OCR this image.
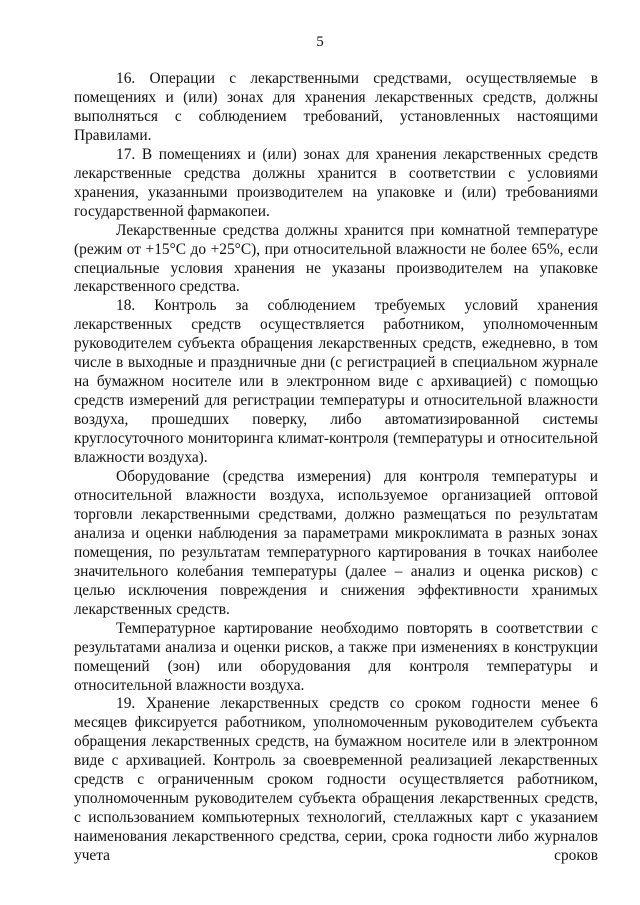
5

16. Операции с лекарственными средствами, осуществляемые в помещениях и (или) зонах для хранения лекарственных средств, должны выполняться с соблюдением требований, установленных настоящими Правилами.

17. В помещениях и (или) зонах для хранения лекарственных средств лекарственные средства должны хранится в соответствии с условиями хранения, указанными производителем на упаковке и (или) требованиями государственной фармакопеи.

Лекарственные средства должны хранится при комнатной температуре (режим от +15°С до +25°С), при относительной влажности не более 65%, если специальные условия хранения не указаны производителем на упаковке лекарственного средства.

18. Контроль за соблюдением требуемых условий хранения лекарственных средств осуществляется работником, уполномоченным руководителем субъекта обращения лекарственных средств, ежедневно, в том числе в выходные и праздничные дни (с регистрацией в специальном журнале на бумажном носителе или в электронном виде с архивацией) с помощью средств измерений для регистрации температуры и относительной влажности воздуха, прошедших поверку, либо автоматизированной системы круглосуточного мониторинга климат-контроля (температуры и относительной влажности воздуха).

Оборудование (средства измерения) для контроля температуры и относительной влажности воздуха, используемое организацией оптовой торговли лекарственными средствами, должно размещаться по результатам анализа и оценки наблюдения за параметрами микроклимата в разных зонах помещения, по результатам температурного картирования в точках наиболее значительного колебания температуры (далее – анализ и оценка рисков) с целью исключения повреждения и снижения эффективности хранимых лекарственных средств.

Температурное картирование необходимо повторять в соответствии с результатами анализа и оценки рисков, а также при изменениях в конструкции помещений (зон) или оборудования для контроля температуры и относительной влажности воздуха.

19. Хранение лекарственных средств со сроком годности менее 6 месяцев фиксируется работником, уполномоченным руководителем субъекта обращения лекарственных средств, на бумажном носителе или в электронном виде с архивацией. Контроль за своевременной реализацией лекарственных средств с ограниченным сроком годности осуществляется работником, уполномоченным руководителем субъекта обращения лекарственных средств, с использованием компьютерных технологий, стеллажных карт с указанием наименования лекарственного средства, серии, срока годности либо журналов учета сроков
